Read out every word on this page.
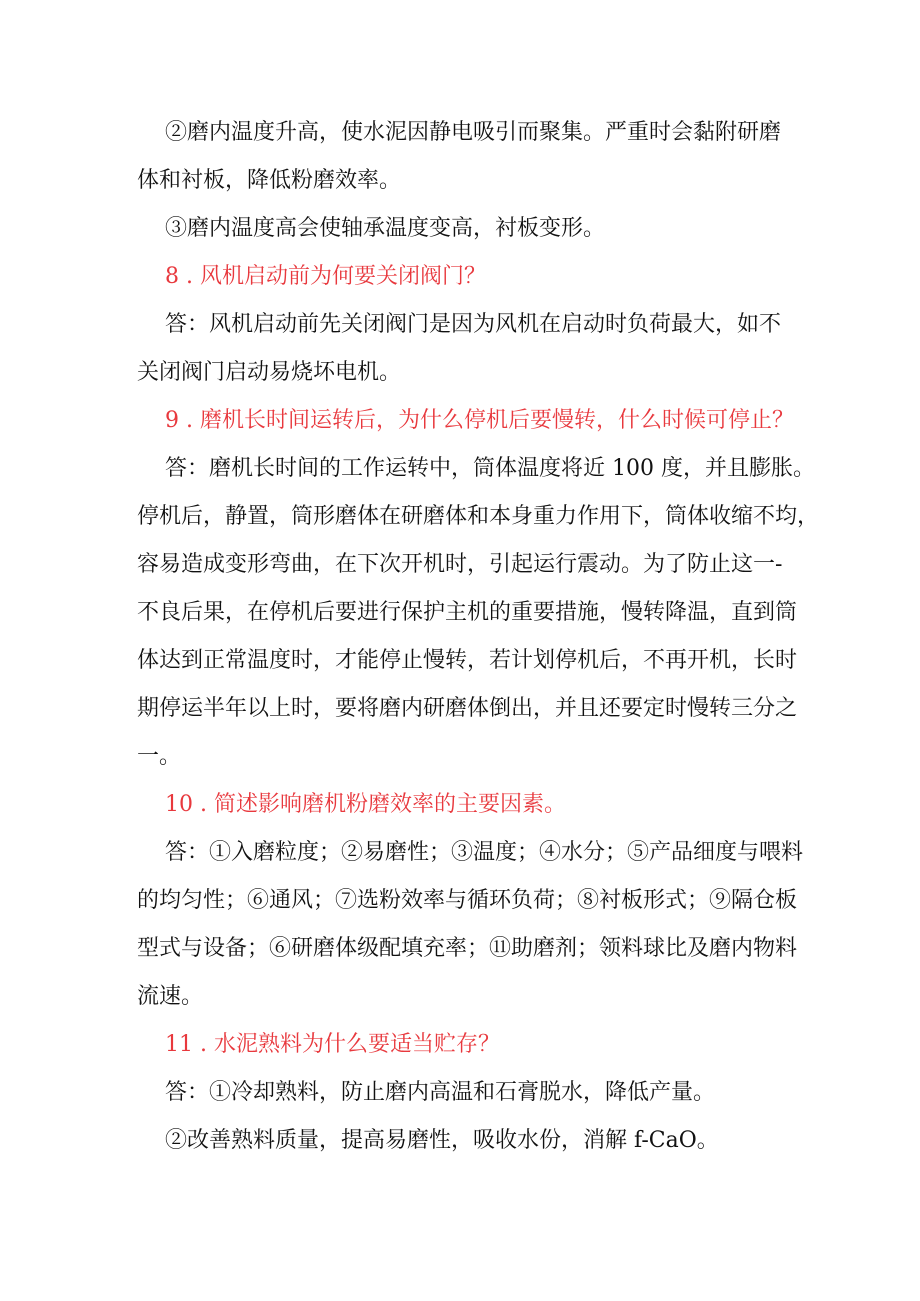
②磨内温度升高，使水泥因静电吸引而聚集。严重时会黏附研磨
体和衬板，降低粉磨效率。
③磨内温度高会使轴承温度变高，衬板变形。
8 . 风机启动前为何要关闭阀门？
答：风机启动前先关闭阀门是因为风机在启动时负荷最大，如不
关闭阀门启动易烧坏电机。
9 . 磨机长时间运转后，为什么停机后要慢转，什么时候可停止？
答：磨机长时间的工作运转中，筒体温度将近 100 度，并且膨胀。
停机后，静置，筒形磨体在研磨体和本身重力作用下，筒体收缩不均，
容易造成变形弯曲，在下次开机时，引起运行震动。为了防止这一-
不良后果，在停机后要进行保护主机的重要措施，慢转降温，直到筒
体达到正常温度时，才能停止慢转，若计划停机后，不再开机，长时
期停运半年以上时，要将磨内研磨体倒出，并且还要定时慢转三分之
一。
10 . 简述影响磨机粉磨效率的主要因素。
答：①入磨粒度；②易磨性；③温度；④水分；⑤产品细度与喂料
的均匀性；⑥通风；⑦选粉效率与循环负荷；⑧衬板形式；⑨隔仓板
型式与设备；⑥研磨体级配填充率；⑪助磨剂；领料球比及磨内物料
流速。
11 . 水泥熟料为什么要适当贮存？
答：①冷却熟料，防止磨内高温和石膏脱水，降低产量。
②改善熟料质量，提高易磨性，吸收水份，消解 f-CaO。
